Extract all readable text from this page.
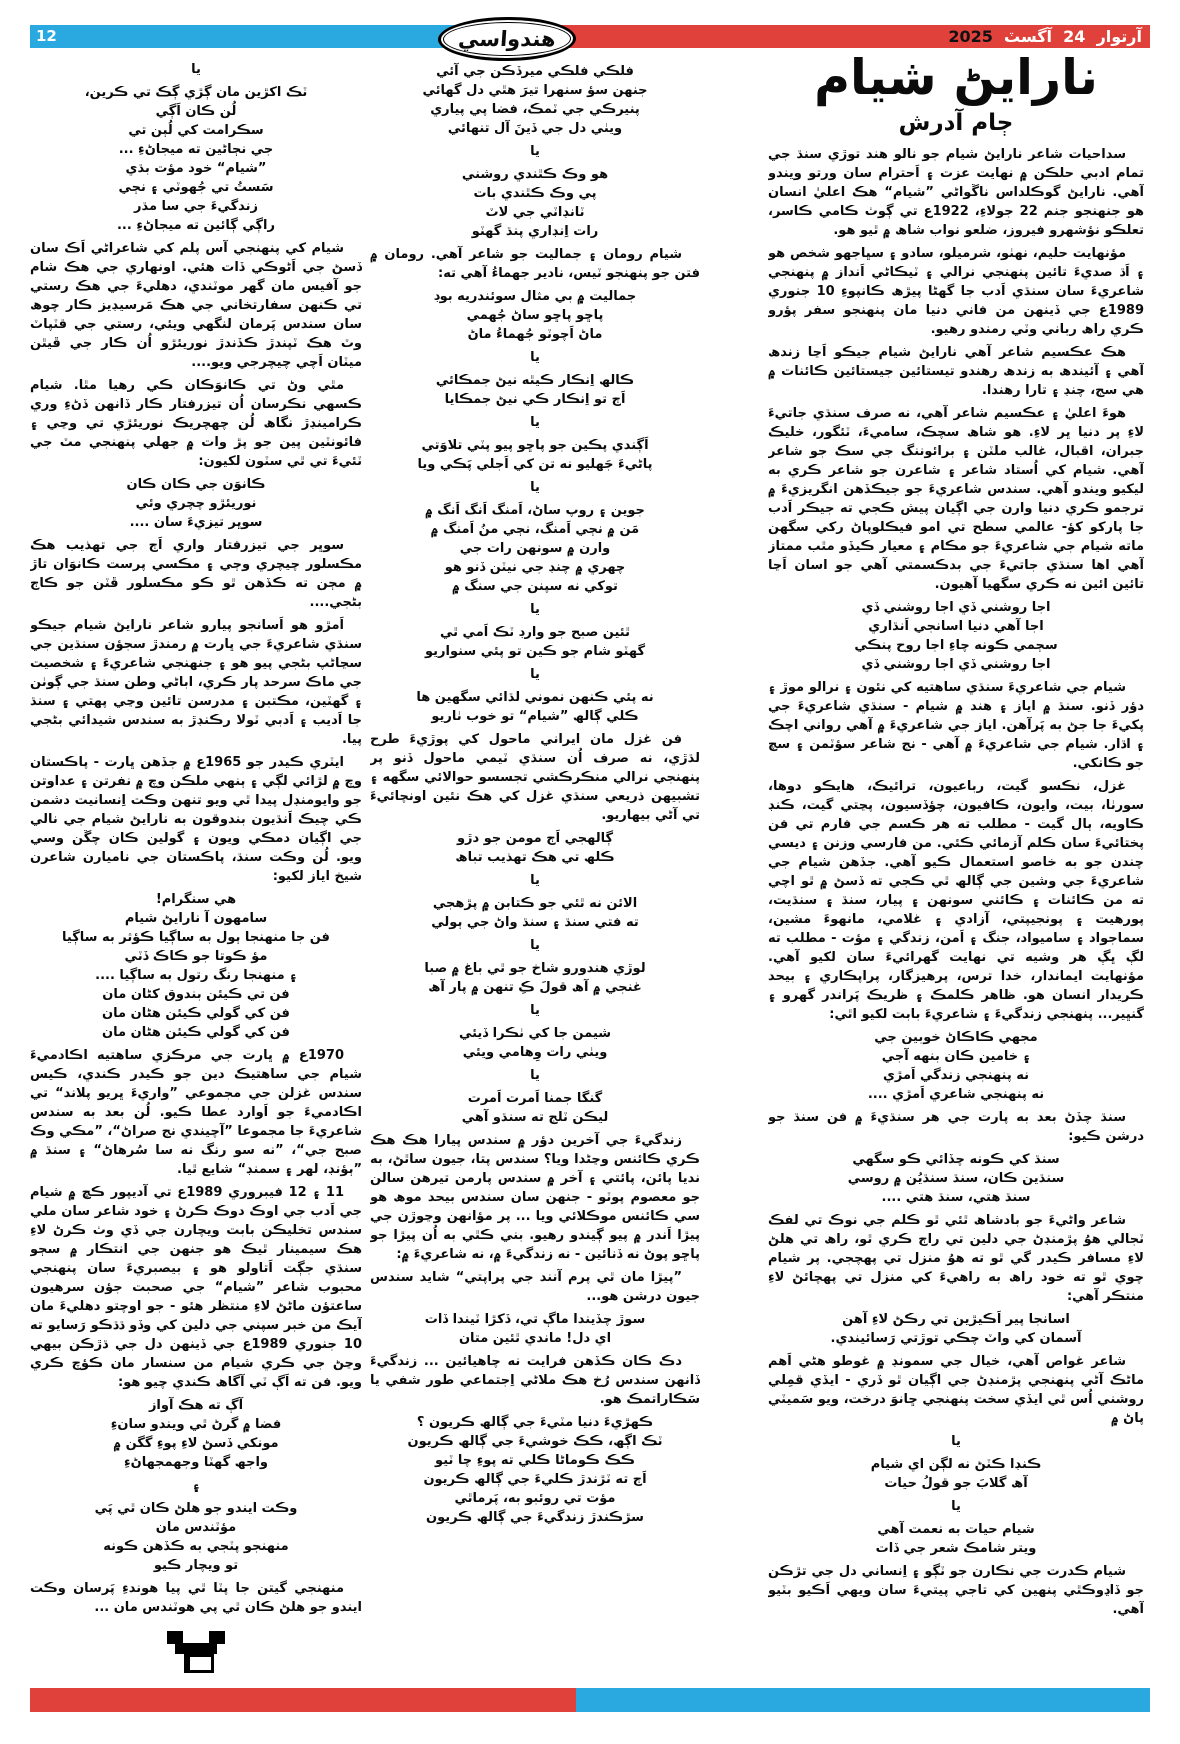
12	آرتوار  24  آگسٽ  2025
هندواسي
نارايڻ شيام
ڄام آدرش

سداحيات شاعر نارايڻ شيام جو نالو هند توڙي سنڌ جي تمام ادبي حلڪن ۾ نھايت عزت ۽ اَحترام سان ورتو ويندو آهي. نارايڻ گوڪلداس ناڱواڻي ”شيام“ هڪ اعليٰ انسان هو جنھنجو جنم 22 جولاءِ، 1922ع تي ڳوٺ ڪامي ڪاسر، تعلڪو نؤشھرو فيروز، ضلعو نواب شاھ ۾ ٿيو هو.

مؤنھايت حليم، نھٺو، شرميلو، سادو ۽ سڀاجھو شخص هو ۽ اَڌ صديءَ تائين پنھنجي نرالي ۽ ٽيڪاڻي اَنداز ۾ پنھنجي شاعريءَ سان سنڌي اَدب جا گھڻا پيڙھ ڪانپوءِ 10 جنوري 1989ع جي ڏينھن من فاني دنيا مان پنھنجو سفر پؤرو ڪري راھ رباني وٽي رمندو رهيو.

هڪ عڪسيم شاعر آهي نارايڻ شيام جيڪو اَڃا زندھ آهي ۽ آئيندھ به زندھ رهندو تيستائين جيستائين ڪائنات ۾ هي سج، چنڊ ۽ تارا رهندا.

هوءَ اعليٰ ۽ عڪسيم شاعر آهي، نه صرف سنڌي جاتيءَ لاءِ پر دنيا ڀر لاءِ. هو شاھ سچڪ، ساميءَ، ٽئگور، خليڪ جبران، اقبال، غالب ملٽن ۽ برائوننگ جي سڪ جو شاعر آهي. شيام کي اُستاد شاعر ۽ شاعرن جو شاعر ڪري به ليکيو ويندو آهي. سندس شاعريءَ جو جيڪڏهن انگريزيءَ ۾ ترجمو ڪري دنيا وارن جي اڳيان پيش ڪجي ته جيڪر اَدب جا پارکو کؤ- عالمي سطح تي امو فيڪلوپاڻ رکي سگھن ماته شيام جي شاعريءَ جو مڪام ۽ معيار ڪيڏو مٿب ممتاز آهي اها سنڌي جاتيءَ جي بدڪسمتي آهي جو اسان اَڃا تائين ائين نه ڪري سگھيا آهيون.

اجا روشني ڏي اجا روشني ڏي
اجا آهي دنيا اسانجي اَنڌاري
سڄمي ڪونه چاءِ اجا روح پنڪي
اجا روشني ڏي اجا روشني ڏي

شيام جي شاعريءَ سنڌي ساهتيه کي نئون ۽ نرالو موڙ ۽ دؤر ڏنو. سنڌ ۾ اياز ۽ هند ۾ شيام - سنڌي شاعريءَ جي پکيءَ جا جڻ به پَرآهن. اياز جي شاعريءَ ۾ آهي رواني اچڪ ۽ اڌار. شيام جي شاعريءَ ۾ آهي - نج شاعر سؤٽمن ۽ سچ جو ڪانکي.

غزل، نڪسو گيت، رباعيون، ترائيڪ، هايڪو دوها، سورٺا، بيت، وايون، ڪافيون، چؤڏسيون، پڃتي گيت، ڪنڊ ڪاويه، ٻال گيت - مطلب ته هر ڪسم جي فارم تي فن پختائيءَ سان ڪلم آزمائي ڪئي. من فارسي وزنن ۽ ديسي چندن جو به خاصو استعمال ڪيو آهي. جڏهن شيام جي شاعريءَ جي وشين جي ڳالھ ٿي ڪجي ته ڏسڻ ۾ ٿو اچي ته من ڪائنات ۽ ڪائني سونھن ۽ پيار، سنڌ ۽ سنڌيت، پورهيت ۽ پونجيپتي، آزادي ۽ غلامي، مانھوءَ مشين، سماجواد ۽ ساميواد، جنگ ۽ اَمن، زندگي ۽ مؤت - مطلب ته لڳ ڀڳ هر وشيه تي نھايت گھرائيءَ سان لکيو آهي. مؤنھايت ايماندار، خدا ترس، پرهيزگار، پراپڪاري ۽ بيحد ڪريدار انسان هو. ظاهر ڪلمڪ ۽ ظريڪ پَراندر گھرو ۽ گنڀير... پنھنجي زندگيءَ ۽ شاعريءَ بابت لکيو اٿي:

مجھي ڪاڪاڻ خوبين جي
۽ خامين ڪان بنھه آجي
نه پنھنجي زندگي اَمڙي
نه پنھنجي شاعري اَمڙي ....

سنڌ چڏڻ بعد به پارت جي هر سنڌيءَ ۾ فن سنڌ جو درشن ڪيو:

سنڌ کي ڪونه چڏائي ڪو سگھي
سنڌين ڪان، سنڌ سنڌيُن ۾ روسي
سنڌ هتي، سنڌ هتي ....

شاعر واڻيءَ جو بادشاھ ٿئي ٿو ڪلم جي نوڪ تي لفڪ ٽجالي هوُ پڙمنڊڻ جي دلين تي راڄ ڪري ٿو، راھ تي هلڻ لاءِ مسافر ڪيدر گي ٿو ته هوُ منزل تي پھچجي. پر شيام چوي ٿو ته خود راھ به راهيءَ کي منزل تي پھچائڻ لاءِ منتڪر آهي:

اسانجا پير اَڪيڙين تي رڪڻ لاءِ آهن
آسمان کي واٽ چڪي توڙتي رَسائيندي.

شاعر غواص آهي، خيال جي سمونڊ ۾ غوطو هڻي اَهم ماڻڪ آڻي پنھنجي پڙمنڊڻ جي اڳيان ٿو ڏري - ايڏي قمِلي روشني اُس ٿي ايڏي سخت پنھنجي ڇانوَ درخت، ويو سَميٽي پاڻ ۾

يا
ڪنڊا ڪٽڻ نه لڳن اي شيام
آھ گلابَ جو قولُ حيات
يا
شيام حيات به نعمت آهي
ويتر شامڪ شعر جي ڏات

شيام ڪدرت جي نڪارن جو ٽڳو ۽ اِنساني دل جي تڙڪن جو ڏاڍوڪٿي پنھين کي تاجي پيتيءَ سان ويھي اَڪيو بٽيو آهي.

فلڪي فلڪي ميرڏڪن جي آئي
جنھن سؤ سنھرا تيرَ هٿي دل گھائي
پنيرڪي جي ٽمڪ، فضا پي پياري
ويٺي دل جي ڏينَ آل تنھائي
يا
هو وڪ ڪٿندي روشني
پي وڪ ڪٿندي بات
ٽانڊاٽي جي لاٽ
رات اِنڊاري پنڌ گھٽو

شيام رومان ۽ جماليت جو شاعر آهي. رومان ۾ فتن جو پنھنجو ٽيس، نادير جھماءُ آهي ته:

جماليت ۾ بي مثال سوئندريه بوڊ
پاڇو پاڇو ساڻ جُھمي
ماڻ اَچوٽو جُھماءُ ماڻ
يا
ڪالھ اِنڪار ڪيٿه نيڻ جمڪائي
اَڄ تو اِنڪار ڪي نيڻ جمڪايا
يا
اَڳندي پڪين جو پاڇو پيو پٽي تلاوَتي
پاڻيءَ جَھليو نه تن کي اَجلي پَڪي ويا
يا
جوين ۽ روپ ساڻ، اَمنگ اَنگ اَنگ ۾
مَن ۾ نڄي اَمنگ، نڄي منُ اَمنگ ۾
وارن ۾ سونھن رات جي
چھري ۾ چنڊ جي نيٽن ڏنو هو
توکي نه سپنن جي سنگ ۾
يا
ٿئين صبح جو وارڊ ٽڪ اَمي ٿي
گھٽو شام جو ڪين تو پئي سنواريو
يا
نه پئي ڪنھن نموني لڌائي سگھين ها
ڪلي ڳالھ ”شيام“ تو خوب ٺاريو

فن غزل مان ايراني ماحول کي پوڙيءَ طرح لڌڙي، نه صرف اُن سنڌي ٽيمي ماحول ڏنو پر پنھنجي نرالي منڪرڪشي تجسسو حوالائي سگھه ۽ تشبيھن ذريعي سنڌي غزل کي هڪ نئين اونچائيءَ تي آڻي بيھاريو.

ڳالھجي اَڄ مومن جو دڙو
ڪلھ تي هڪ تھذيب تباھ
يا
الائن نه ٿئي جو ڪتابن ۾ پڙهجي
ته فتي سنڌ ۽ سنڌ واڻ جي ٻولي
يا
لوڙي هندورو شاخ جو ٿي باغ ۾ صبا
غنجي ۾ آھ قولَ ڪِ تنھن ۾ پار آھ
يا
شيمن جا کي ٺڪرا ڏيئي
ويٺي رات وِهامي ويئي
يا
گنگا جمنا اَمرت اَمرت
ليڪن ٽلج ته سنڌو آهي

زندگيءَ جي آخرين دؤر ۾ سندس پيارا هڪ هڪ ڪري ڪائنس وڃڻدا ويا؟ سندس پتا، جيون ساٿڻ، به نديا پائن، پائتي ۽ آخر ۾ سندس پارمن تيرهن سالن جو معصوم پوٽو - جنھن سان سندس بيحد موھ هو سي ڪائنس موڪلائي ويا ... پر مؤانھن وڃوڙن جي پيڙا اَندر ۾ پيو ڳيندو رهيو. بني ڪٿي به اُن پيڙا جو پاڇو پوڻ نه ڏنائين - نه زندگيءَ ۾، نه شاعريءَ ۾:

”پيڙا مان ٿي پرم آنند جي پراپتي“ شايد سندس جيون درشن هو...

سوڙ چڏيندا ماڳ تي، ڏکڙا ٽيندا ڏات
اي دل! ماندي ٿئين متان

دڪ ڪان ڪڏهن فرايت نه چاهيائين ... زندگيءَ ڏانھن سندس رُخ هڪ ملاڻي اِجتماعي طور شفي يا سَڪاراتمڪ هو.

ڪھڙيءَ دنيا مٽيءَ جي ڳالھ ڪريون ؟
ٽڪ اڳھ، ڪڪ خوشيءَ جي ڳالھ ڪريون
ڪڪ ڪوماڻا ڪلي ته پوءِ چا ٽيو
اَڄ ته ٽڙندڙ ڪليءَ جي ڳالھ ڪريون
مؤت تي روئبو به، پَرماٿي
سڙڪندڙ زندگيءَ جي ڳالھ ڪريون
يا
ٽڪ اکڙين مان ڳڙي ڳڪ تي ڪرين،
لُن ڪان اَڳي
سڪرامت کي لُٻن تي
جي نڄاڻين ته ميجاڻءِ ...
”شيام“ خود مؤت بڌي
سَستُ تي جُھوٽي ۽ نڄي
زندگيءَ جي سا مڌر
راڳي ڳائين ته ميجاڻءِ ...

شيام کي پنھنجي آس پلم کي شاعراڻي اَڪ سان ڏسڻ جي اَڻوڪي ڏات هئي. اونھاري جي هڪ شام جو آفيس مان گھر موٽندي، دهليءَ جي هڪ رستي تي ڪنھن سفارتخاني جي هڪ مَرسيڊيز ڪار چوھ سان سندس پَرمان لنگھي ويئي، رستي جي قٽپاٽ وٽ هڪ ٽپندڙ ڪڏندڙ نوريئڙو اُن ڪار جي ڦيٿن ميٽان اَچي چيچرجي ويو....

مٿي وڻ تي ڪانوَڪان ڪي رهيا مٿا. شيام ڪسھي نڪرسان اُن تيزرفتار ڪار ڏانھن ڏڻءِ وري ڪرامينڊڙ نگاھ لُن چھچريڪ نوريئڙي تي وڃي ۽ فائونٽين پين جو پڙ وات ۾ جھلي پنھنجي مٽ جي ٽئيءَ تي ٿي سٽون لکيون:

ڪانوَن جي ڪان ڪان
نوريئڙو چچري وئي
سوڀر تيزيءَ سان ....

سوڀر جي تيزرفتار واري اَڄ جي تھذيب هڪ مڪسلور چيچري وڄي ۽ مڪسي پرست ڪانوَان تاڙ ۾ مڄن ته ڪڏهن ٿو ڪو مڪسلور ڦٽن جو ڪاڄ بڻجي....

اَمڙو هو اَسانجو پيارو شاعر نارايڻ شيام جيڪو سنڌي شاعريءَ جي ڀارت ۾ رمندڙ سجؤن سنڌين جي سڃاڻپ بڻجي پيو هو ۽ جنھنجي شاعريءَ ۽ شخصيت جي ماڪ سرحد پار ڪري، اباڻي وطن سنڌ جي ڳوٺن ۽ گھٽين، مڪتبن ۽ مدرسن تائين وڃي پھتي ۽ سنڌ جا اَديب ۽ اَدبي ٽولا رڪنڊڙ به سندس شيدائي بڻجي پيا.

ايٽري ڪيدر جو 1965ع ۾ جڏهن ڀارت - پاڪستان وچ ۾ لڙائي لڳي ۽ ٻنھي ملڪن وچ ۾ نفرتن ۽ عداوتن جو وايومنڊل پيدا ٿي ويو تنھن وڪت اِنسانيت دشمن ڪي چيڪ اَنڌيون بندوقون به نارايڻ شيام جي نالي جي اڳيان دمڪي ويون ۽ گولين ڪان چڱن وسي ويو. لُن وڪت سنڌ، پاڪستان جي ناميارن شاعرن شيخ اياز لکيو:

هي سنگرام!
سامهون آ نارايڻ شيام
فن جا منھنجا ٻول به ساڳيا ڪؤثر به ساڳيا
مؤ ڪوتا جو ڪاڪ ڏٽي
۽ منھنجا رنگ رتول به ساڳيا ....
فن تي ڪيئن بندوق کڻان مان
فن کي گولي ڪيئن هڻان مان
فن کي گولي ڪيئن هڻان مان

1970ع ۾ ڀارت جي مرڪزي ساهتيه اڪادميءَ شيام جي ساهتيڪ دين جو ڪيدر ڪندي، ڪيس سندس غزلن جي مجموعي ”واريءَ ڀريو پلاند“ تي اڪادميءَ جو اَوارد عطا ڪيو. لُن بعد به سندس شاعريءَ جا مجموعا ”آچيندي نج صراڻ“، ”مڪي وڪ صبح جي“، ”نه سو رنگ نه سا سُرهاڻ“ ۽ سنڌ ۾ ”ٻؤنڊ، لھر ۽ سمنڊ“ شايع ٿيا.

11 ۽ 12 فيبروري 1989ع تي آديپور ڪڇ ۾ شيام جي اَدب جي اوڪ دوڪ ڪرڻ ۽ خود شاعر سان ملي سندس تخليڪن بابت ويچارن جي ڏي وٺ ڪرڻ لاءِ هڪ سيمينار ٿيڪ هو جنھن جي انتڪار ۾ سڄو سنڌي جڳت اَتاولو هو ۽ بيصبريءَ سان پنھنجي محبوب شاعر ”شيام“ جي صحبت جؤن سرهيون ساعتؤن ماڻڻ لاءِ منتظر هئو - جو اوچتو دهليءَ مان آيڪ من خبر سپني جي دلين کي وڏو ڌڌڪو رَسايو ته 10 جنوري 1989ع جي ڏينھن دل جي ڌڙڪن بيھي وڃڻ جي ڪري شيام من سنسار مان ڪؤچ ڪري ويو. فن ته اَڳ ٽي آگاھ ڪندي چيو هو:

آڳ ته هڪ آواز
فضا ۾ گرڻ ٿي ويندو سانءِ
مونکي ڏسڻ لاءِ پوءِ گگن ۾
واجھ گھٽا وجھمجھاڻءِ
۽
وڪت ايندو جو هلڻ ڪان ٿي پَي
مؤٽندس مان
منھنجو پٽجي به ڪڏهن ڪونه
تو ويچار ڪيو

منھنجي گيتن جا پٽا ٿي پيا هوندءِ پَرسان وڪت ايندو جو هلڻ ڪان ٿي پي هوٽندس مان ...
